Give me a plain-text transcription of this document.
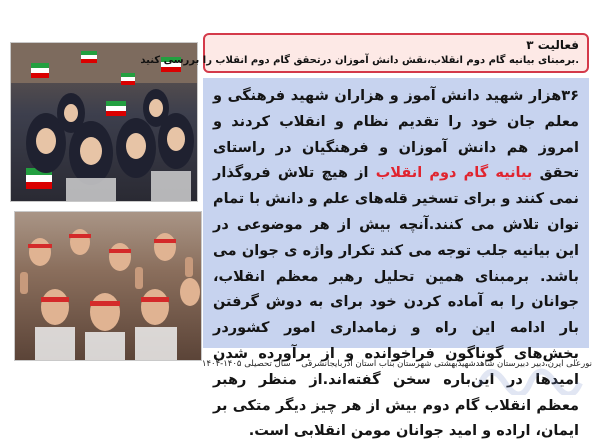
فعالیت ۳
.برمبنای بیانیه گام دوم انقلاب،نقش دانش آموزان درتحقق گام دوم انقلاب را بررسی کنید

۳۶هزار شهید دانش آموز و هزاران شهید فرهنگی و معلم جان خود را تقدیم نظام و انقلاب کردند و امروز هم دانش آموزان و فرهنگیان در راستای تحقق بیانیه گام دوم انقلاب از هیچ تلاش فروگذار نمی کنند و برای تسخیر قله‌های علم و دانش با تمام توان تلاش می کنند.آنچه بیش از هر موضوعی در این بیانیه جلب توجه می کند تکرار واژه ی جوان می باشد. برمبنای همین تحلیل رهبر معظم انقلاب، جوانان را به آماده کردن خود برای به دوش گرفتن بار ادامه این راه و زمامداری امور کشوردر بخش‌های گوناگون فراخوانده و از برآورده شدن امیدها در این‌باره سخن گفته‌اند.از منظر رهبر معظم انقلاب گام دوم بیش از هر چیز دیگر متکی بر ایمان، اراده و امید جوانان مومن انقلابی است.

نورعلی ایرن،دبیر دبیرستان شاهدشهیدبهشتی شهرستان بناب استان آذربایجانشرقی سال تحصیلی ۱۴۰۵-۱۴۰۴
